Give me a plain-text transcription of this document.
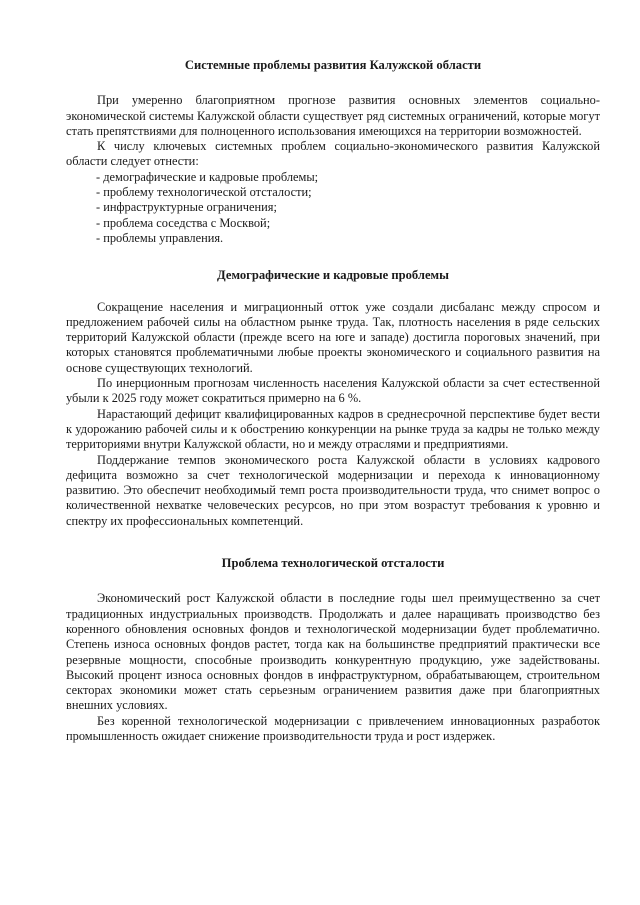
Системные проблемы развития Калужской области

При умеренно благоприятном прогнозе развития основных элементов социально-экономической системы Калужской области существует ряд системных ограничений, которые могут стать препятствиями для полноценного использования имеющихся на территории возможностей.

К числу ключевых системных проблем социально-экономического развития Калужской области следует отнести:

- демографические и кадровые проблемы;
- проблему технологической отсталости;
- инфраструктурные ограничения;
- проблема соседства с Москвой;
- проблемы управления.
Демографические и кадровые проблемы

Сокращение населения и миграционный отток уже создали дисбаланс между спросом и предложением рабочей силы на областном рынке труда. Так, плотность населения в ряде сельских территорий Калужской области (прежде всего на юге и западе) достигла пороговых значений, при которых становятся проблематичными любые проекты экономического и социального развития на основе существующих технологий.

По инерционным прогнозам численность населения Калужской области за счет естественной убыли к 2025 году может сократиться примерно на 6 %.

Нарастающий дефицит квалифицированных кадров в среднесрочной перспективе будет вести к удорожанию рабочей силы и к обострению конкуренции на рынке труда за кадры не только между территориями внутри Калужской области, но и между отраслями и предприятиями.

Поддержание темпов экономического роста Калужской области в условиях кадрового дефицита возможно за счет технологической модернизации и перехода к инновационному развитию. Это обеспечит необходимый темп роста производительности труда, что снимет вопрос о количественной нехватке человеческих ресурсов, но при этом возрастут требования к уровню и спектру их профессиональных компетенций.

Проблема технологической отсталости

Экономический рост Калужской области в последние годы шел преимущественно за счет традиционных индустриальных производств. Продолжать и далее наращивать производство без коренного обновления основных фондов и технологической модернизации будет проблематично. Степень износа основных фондов растет, тогда как на большинстве предприятий практически все резервные мощности, способные производить конкурентную продукцию, уже задействованы. Высокий процент износа основных фондов в инфраструктурном, обрабатывающем, строительном секторах экономики может стать серьезным ограничением развития даже при благоприятных внешних условиях.

Без коренной технологической модернизации с привлечением инновационных разработок промышленность ожидает снижение производительности труда и рост издержек.
